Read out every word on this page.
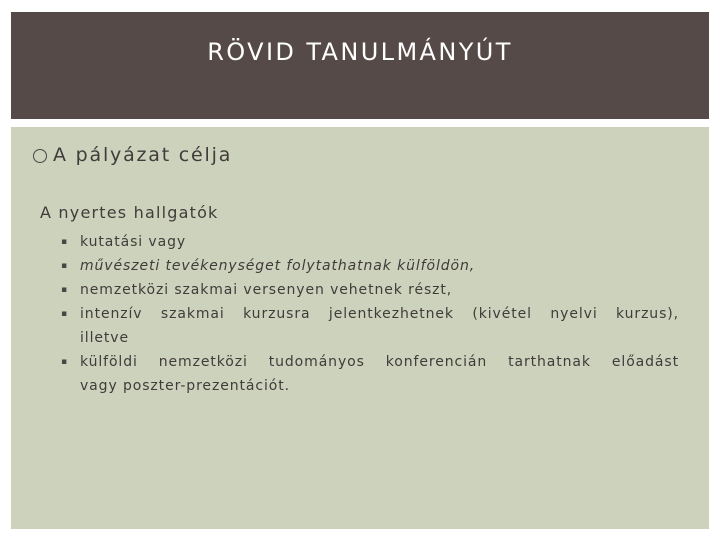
RÖVID TANULMÁNYÚT
A pályázat célja
A nyertes hallgatók
▪ kutatási vagy
▪ művészeti tevékenységet folytathatnak külföldön,
▪ nemzetközi szakmai versenyen vehetnek részt,
▪ intenzív szakmai kurzusra jelentkezhetnek (kivétel nyelvi kurzus),
illetve
▪ külföldi nemzetközi tudományos konferencián tarthatnak előadást
vagy poszter-prezentációt.
